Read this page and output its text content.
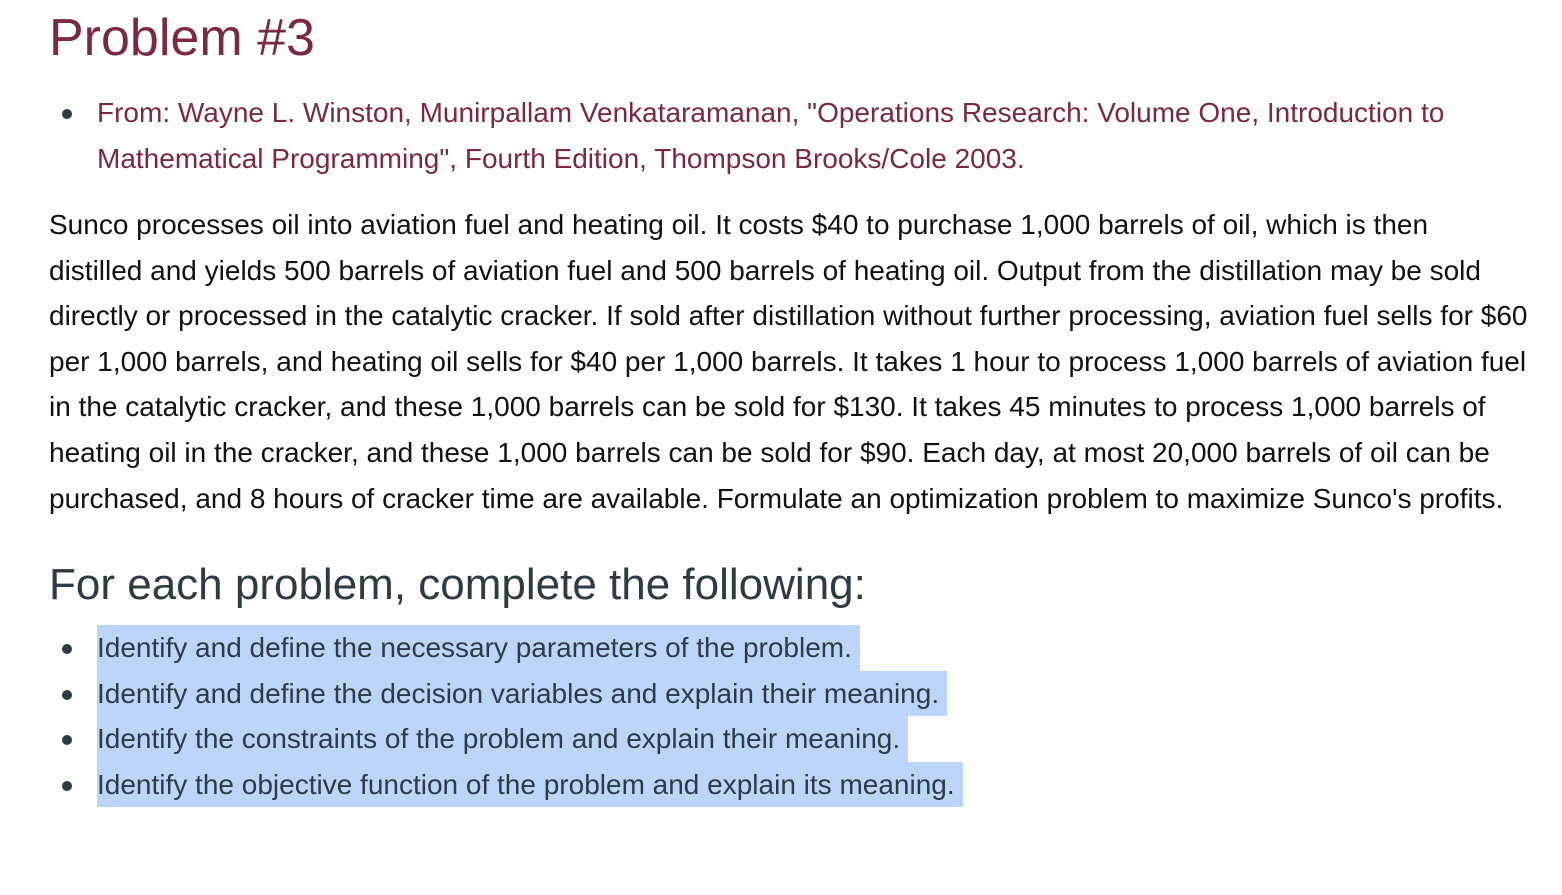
Problem #3
From: Wayne L. Winston, Munirpallam Venkataramanan, "Operations Research: Volume One, Introduction to Mathematical Programming", Fourth Edition, Thompson Brooks/Cole 2003.

Sunco processes oil into aviation fuel and heating oil. It costs $40 to purchase 1,000 barrels of oil, which is then distilled and yields 500 barrels of aviation fuel and 500 barrels of heating oil. Output from the distillation may be sold directly or processed in the catalytic cracker. If sold after distillation without further processing, aviation fuel sells for $60 per 1,000 barrels, and heating oil sells for $40 per 1,000 barrels. It takes 1 hour to process 1,000 barrels of aviation fuel in the catalytic cracker, and these 1,000 barrels can be sold for $130. It takes 45 minutes to process 1,000 barrels of heating oil in the cracker, and these 1,000 barrels can be sold for $90. Each day, at most 20,000 barrels of oil can be purchased, and 8 hours of cracker time are available. Formulate an optimization problem to maximize Sunco's profits.

For each problem, complete the following:
Identify and define the necessary parameters of the problem.
Identify and define the decision variables and explain their meaning.
Identify the constraints of the problem and explain their meaning.
Identify the objective function of the problem and explain its meaning.
